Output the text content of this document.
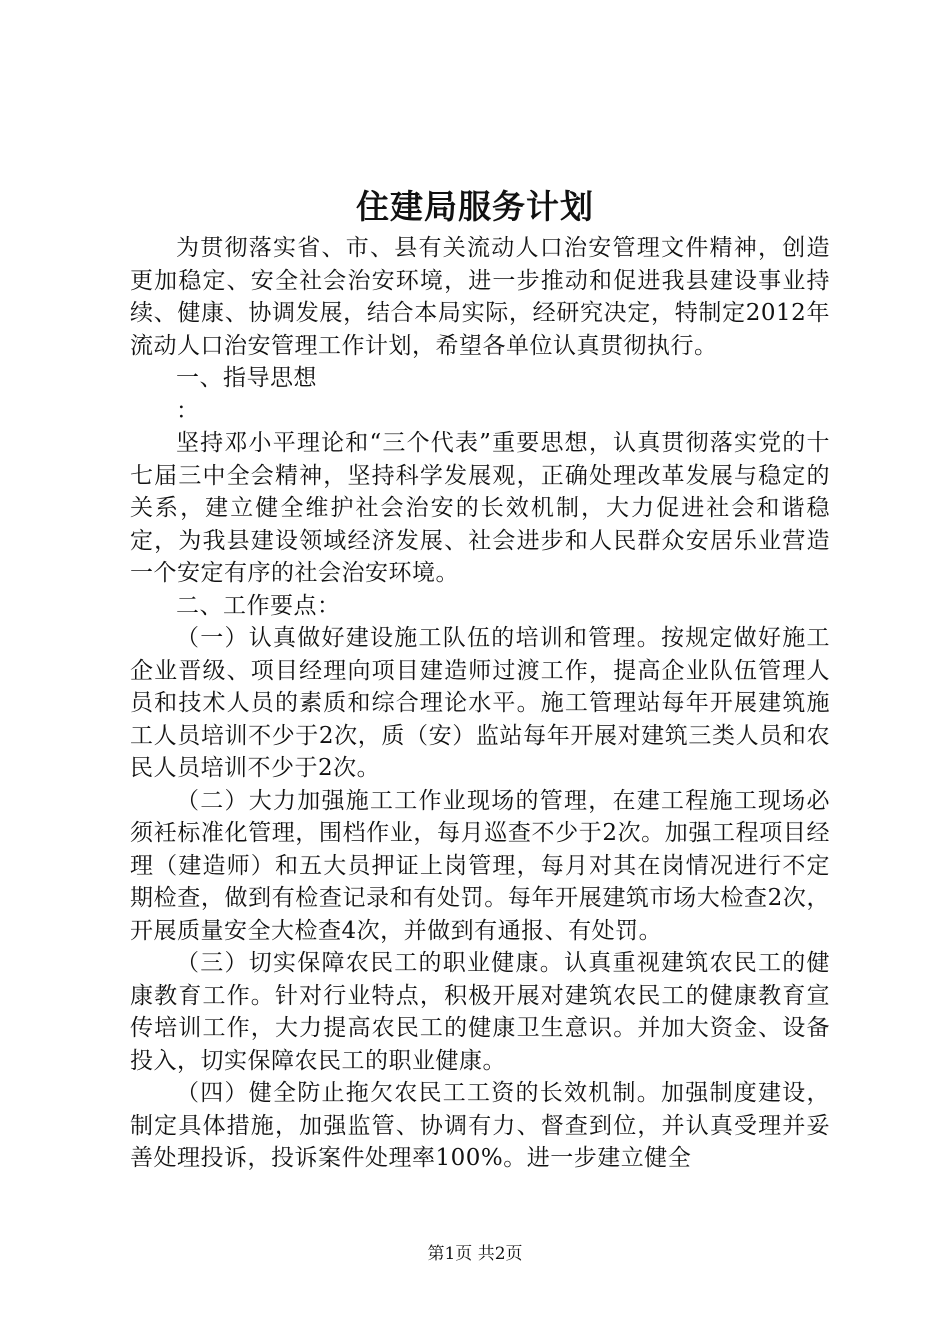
住建局服务计划

为贯彻落实省、市、县有关流动人口治安管理文件精神，创造更加稳定、安全社会治安环境，进一步推动和促进我县建设事业持续、健康、协调发展，结合本局实际，经研究决定，特制定2012年流动人口治安管理工作计划，希望各单位认真贯彻执行。

一、指导思想

：

坚持邓小平理论和“三个代表”重要思想，认真贯彻落实党的十七届三中全会精神，坚持科学发展观，正确处理改革发展与稳定的关系，建立健全维护社会治安的长效机制，大力促进社会和谐稳定，为我县建设领域经济发展、社会进步和人民群众安居乐业营造一个安定有序的社会治安环境。

二、工作要点：

（一）认真做好建设施工队伍的培训和管理。按规定做好施工企业晋级、项目经理向项目建造师过渡工作，提高企业队伍管理人员和技术人员的素质和综合理论水平。施工管理站每年开展建筑施工人员培训不少于2次，质（安）监站每年开展对建筑三类人员和农民人员培训不少于2次。

（二）大力加强施工工作业现场的管理，在建工程施工现场必须衽标准化管理，围档作业，每月巡查不少于2次。加强工程项目经理（建造师）和五大员押证上岗管理，每月对其在岗情况进行不定期检查，做到有检查记录和有处罚。每年开展建筑市场大检查2次，开展质量安全大检查4次，并做到有通报、有处罚。

（三）切实保障农民工的职业健康。认真重视建筑农民工的健康教育工作。针对行业特点，积极开展对建筑农民工的健康教育宣传培训工作，大力提高农民工的健康卫生意识。并加大资金、设备投入，切实保障农民工的职业健康。

（四）健全防止拖欠农民工工资的长效机制。加强制度建设，制定具体措施，加强监管、协调有力、督查到位，并认真受理并妥善处理投诉，投诉案件处理率100%。进一步建立健全

第1页 共2页
